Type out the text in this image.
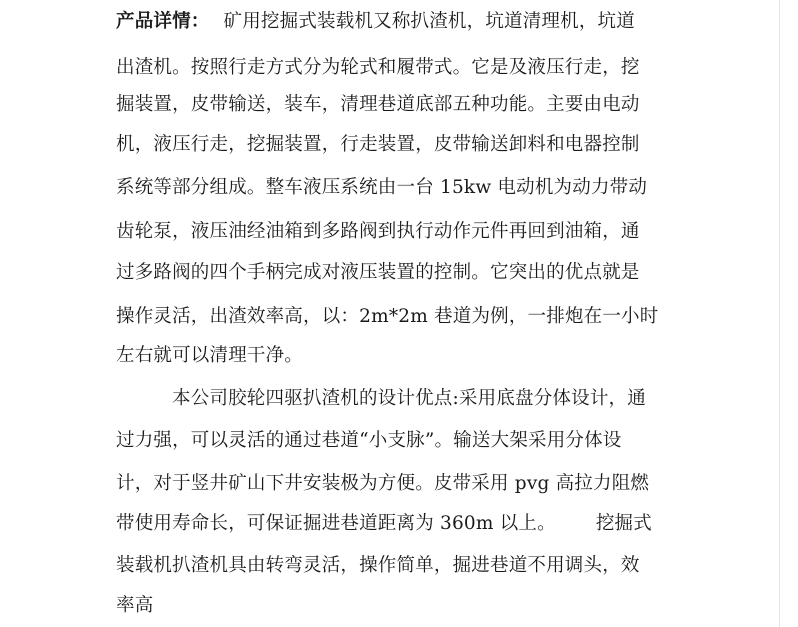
产品详情： 矿用挖掘式装载机又称扒渣机，坑道清理机，坑道
出渣机。按照行走方式分为轮式和履带式。它是及液压行走，挖
掘装置，皮带输送，装车，清理巷道底部五种功能。主要由电动
机，液压行走，挖掘装置，行走装置，皮带输送卸料和电器控制
系统等部分组成。整车液压系统由一台 15kw 电动机为动力带动
齿轮泵，液压油经油箱到多路阀到执行动作元件再回到油箱，通
过多路阀的四个手柄完成对液压装置的控制。它突出的优点就是
操作灵活，出渣效率高，以：2m*2m 巷道为例，一排炮在一小时
左右就可以清理干净。
本公司胶轮四驱扒渣机的设计优点:采用底盘分体设计，通
过力强，可以灵活的通过巷道“小支脉”。输送大架采用分体设
计，对于竖井矿山下井安装极为方便。皮带采用 pvg 高拉力阻燃
带使用寿命长，可保证掘进巷道距离为 360m 以上。 挖掘式
装载机扒渣机具由转弯灵活，操作简单，掘进巷道不用调头，效
率高
